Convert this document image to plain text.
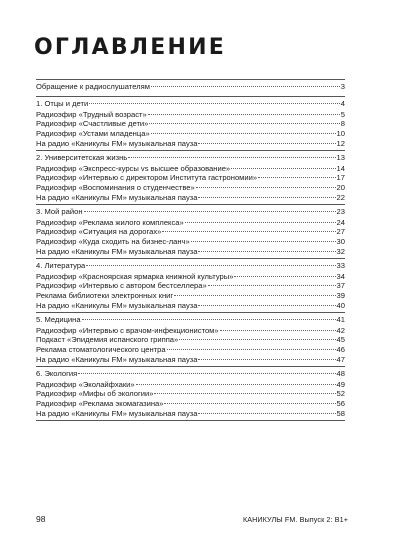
ОГЛАВЛЕНИЕ
Обращение к радиослушателям	3
1. Отцы и дети	4
Радиоэфир «Трудный возраст»	5
Радиоэфир «Счастливые дети»	8
Радиоэфир «Устами младенца»	10
На радио «Каникулы FM» музыкальная пауза	12
2. Университетская жизнь	13
Радиоэфир «Экспресс-курсы vs высшее образование»	14
Радиоэфир «Интервью с директором Института гастрономии»	17
Радиоэфир «Воспоминания о студенчестве»	20
На радио «Каникулы FM» музыкальная пауза	22
3. Мой район	23
Радиоэфир «Реклама жилого комплекса»	24
Радиоэфир «Ситуация на дорогах»	27
Радиоэфир «Куда сходить на бизнес-ланч»	30
На радио «Каникулы FM» музыкальная пауза	32
4. Литература	33
Радиоэфир «Красноярская ярмарка книжной культуры»	34
Радиоэфир «Интервью с автором бестселлера»	37
Реклама библиотеки электронных книг	39
На радио «Каникулы FM» музыкальная пауза	40
5. Медицина	41
Радиоэфир «Интервью с врачом-инфекционистом»	42
Подкаст «Эпидемия испанского гриппа»	45
Реклама стоматологического центра	46
На радио «Каникулы FM» музыкальная пауза	47
6. Экология	48
Радиоэфир «Эколайфхаки»	49
Радиоэфир «Мифы об экологии»	52
Радиоэфир «Реклама экомагазина»	56
На радио «Каникулы FM» музыкальная пауза	58
98	КАНИКУЛЫ FM. Выпуск 2: В1+
